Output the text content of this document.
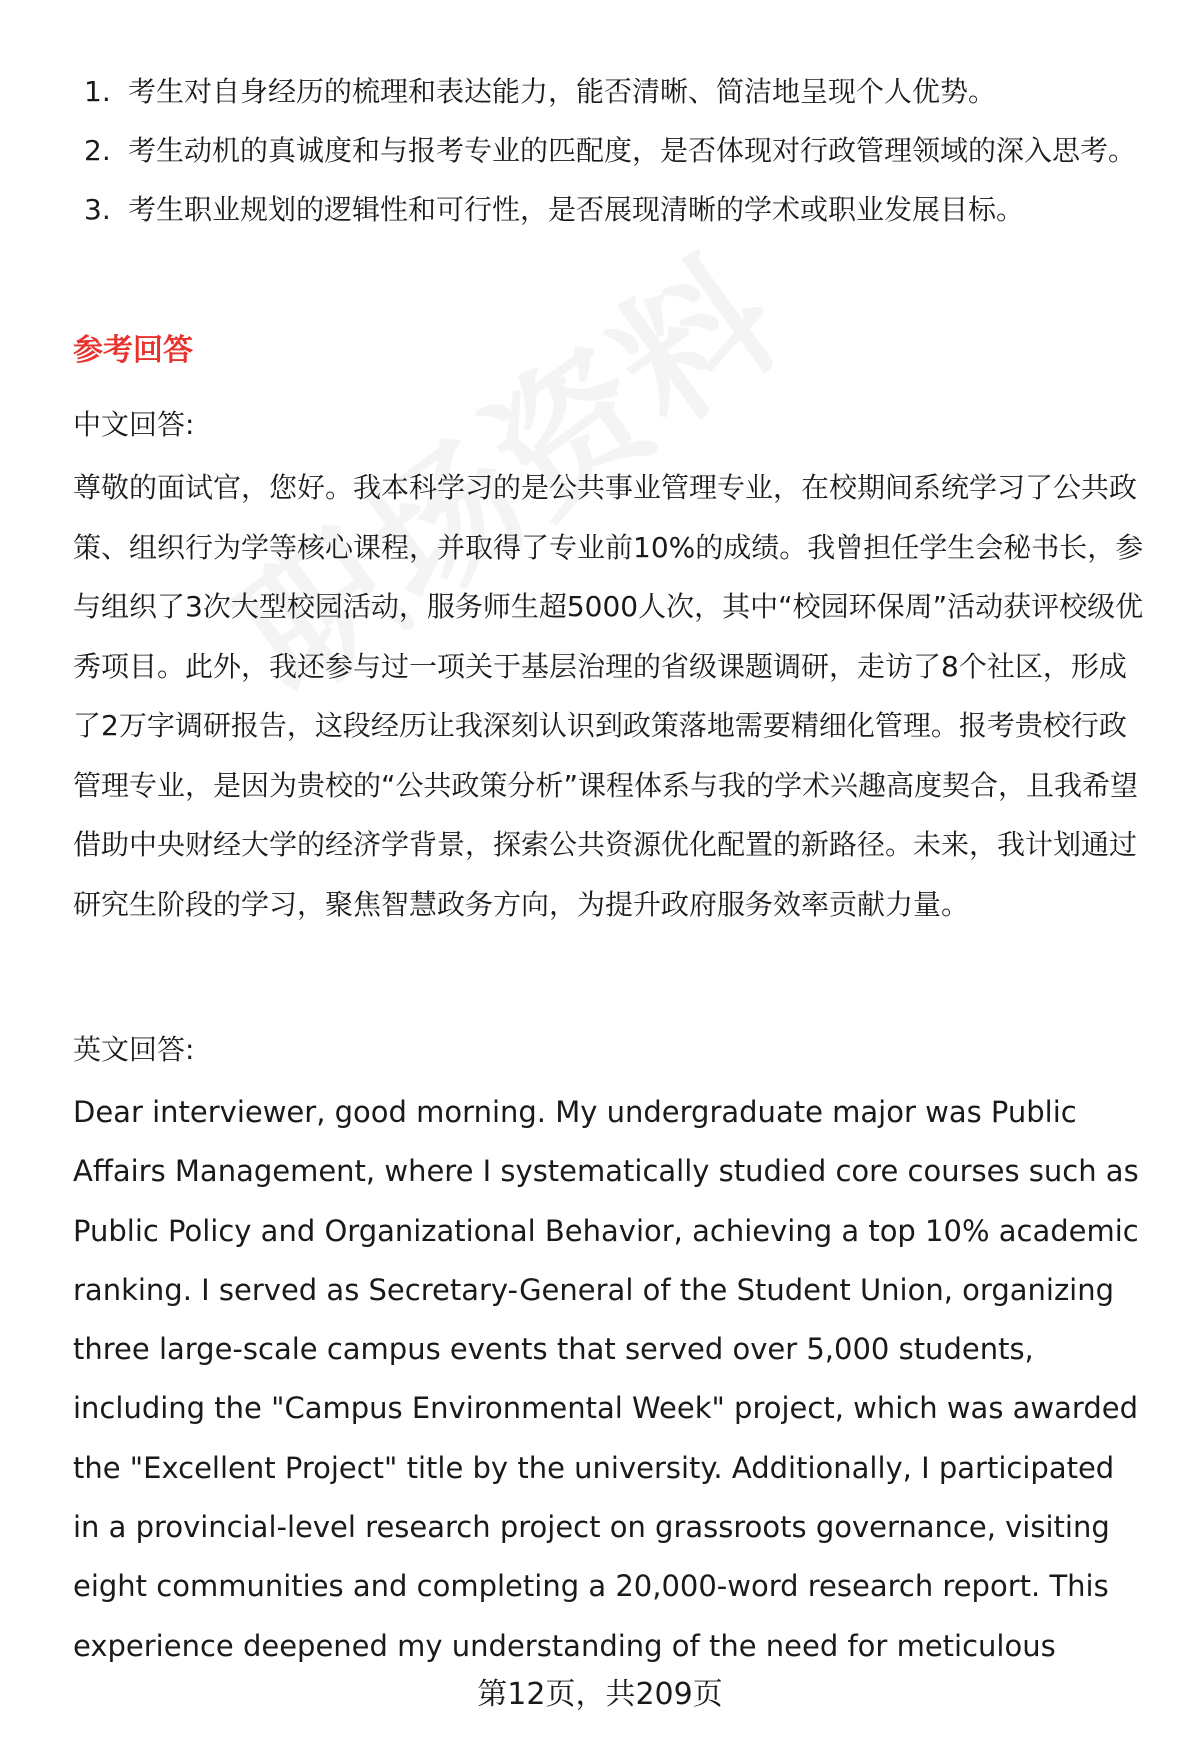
1. 考生对自身经历的梳理和表达能力，能否清晰、简洁地呈现个人优势。
2. 考生动机的真诚度和与报考专业的匹配度，是否体现对行政管理领域的深入思考。
3. 考生职业规划的逻辑性和可行性，是否展现清晰的学术或职业发展目标。
参考回答
中文回答:

尊敬的面试官，您好。我本科学习的是公共事业管理专业，在校期间系统学习了公共政策、组织行为学等核心课程，并取得了专业前10%的成绩。我曾担任学生会秘书长，参与组织了3次大型校园活动，服务师生超5000人次，其中“校园环保周”活动获评校级优秀项目。此外，我还参与过一项关于基层治理的省级课题调研，走访了8个社区，形成了2万字调研报告，这段经历让我深刻认识到政策落地需要精细化管理。报考贵校行政管理专业，是因为贵校的“公共政策分析”课程体系与我的学术兴趣高度契合，且我希望借助中央财经大学的经济学背景，探索公共资源优化配置的新路径。未来，我计划通过研究生阶段的学习，聚焦智慧政务方向，为提升政府服务效率贡献力量。

英文回答:

Dear interviewer, good morning. My undergraduate major was Public Affairs Management, where I systematically studied core courses such as Public Policy and Organizational Behavior, achieving a top 10% academic ranking. I served as Secretary-General of the Student Union, organizing three large-scale campus events that served over 5,000 students, including the "Campus Environmental Week" project, which was awarded the "Excellent Project" title by the university. Additionally, I participated in a provincial-level research project on grassroots governance, visiting eight communities and completing a 20,000-word research report. This experience deepened my understanding of the need for meticulous

第12页，共209页
